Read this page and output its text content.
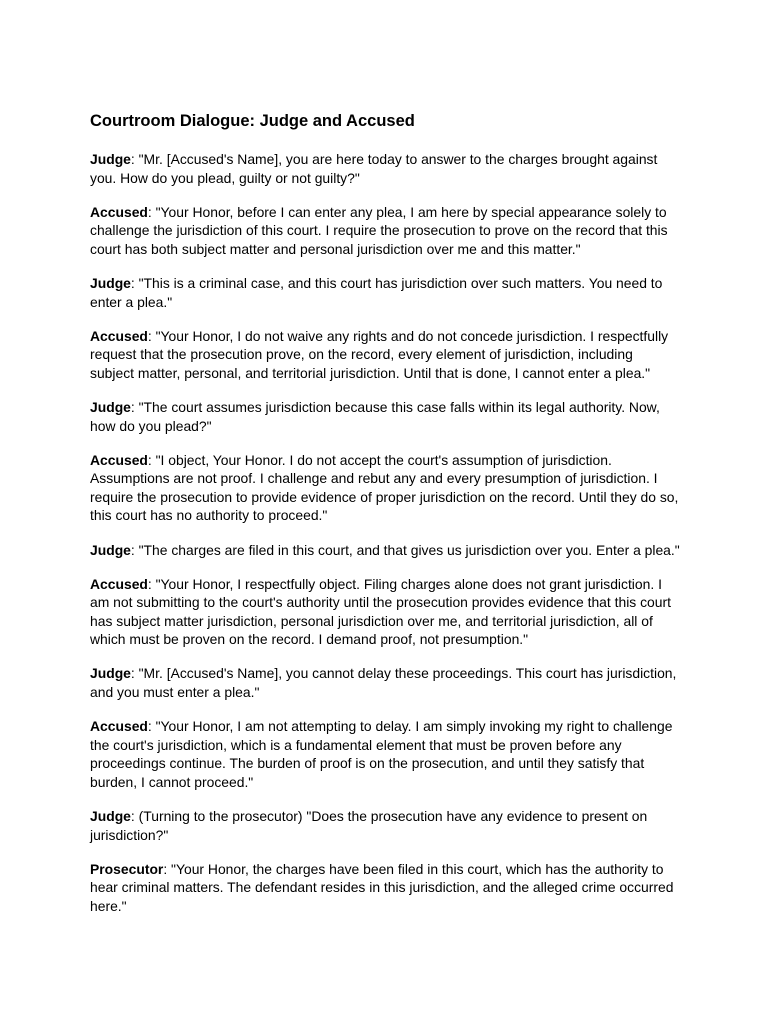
Courtroom Dialogue: Judge and Accused

Judge: "Mr. [Accused's Name], you are here today to answer to the charges brought against you. How do you plead, guilty or not guilty?"

Accused: "Your Honor, before I can enter any plea, I am here by special appearance solely to challenge the jurisdiction of this court. I require the prosecution to prove on the record that this court has both subject matter and personal jurisdiction over me and this matter."

Judge: "This is a criminal case, and this court has jurisdiction over such matters. You need to enter a plea."

Accused: "Your Honor, I do not waive any rights and do not concede jurisdiction. I respectfully request that the prosecution prove, on the record, every element of jurisdiction, including subject matter, personal, and territorial jurisdiction. Until that is done, I cannot enter a plea."

Judge: "The court assumes jurisdiction because this case falls within its legal authority. Now, how do you plead?"

Accused: "I object, Your Honor. I do not accept the court's assumption of jurisdiction. Assumptions are not proof. I challenge and rebut any and every presumption of jurisdiction. I require the prosecution to provide evidence of proper jurisdiction on the record. Until they do so, this court has no authority to proceed."

Judge: "The charges are filed in this court, and that gives us jurisdiction over you. Enter a plea."

Accused: "Your Honor, I respectfully object. Filing charges alone does not grant jurisdiction. I am not submitting to the court's authority until the prosecution provides evidence that this court has subject matter jurisdiction, personal jurisdiction over me, and territorial jurisdiction, all of which must be proven on the record. I demand proof, not presumption."

Judge: "Mr. [Accused's Name], you cannot delay these proceedings. This court has jurisdiction, and you must enter a plea."

Accused: "Your Honor, I am not attempting to delay. I am simply invoking my right to challenge the court's jurisdiction, which is a fundamental element that must be proven before any proceedings continue. The burden of proof is on the prosecution, and until they satisfy that burden, I cannot proceed."

Judge: (Turning to the prosecutor) "Does the prosecution have any evidence to present on jurisdiction?"

Prosecutor: "Your Honor, the charges have been filed in this court, which has the authority to hear criminal matters. The defendant resides in this jurisdiction, and the alleged crime occurred here."
